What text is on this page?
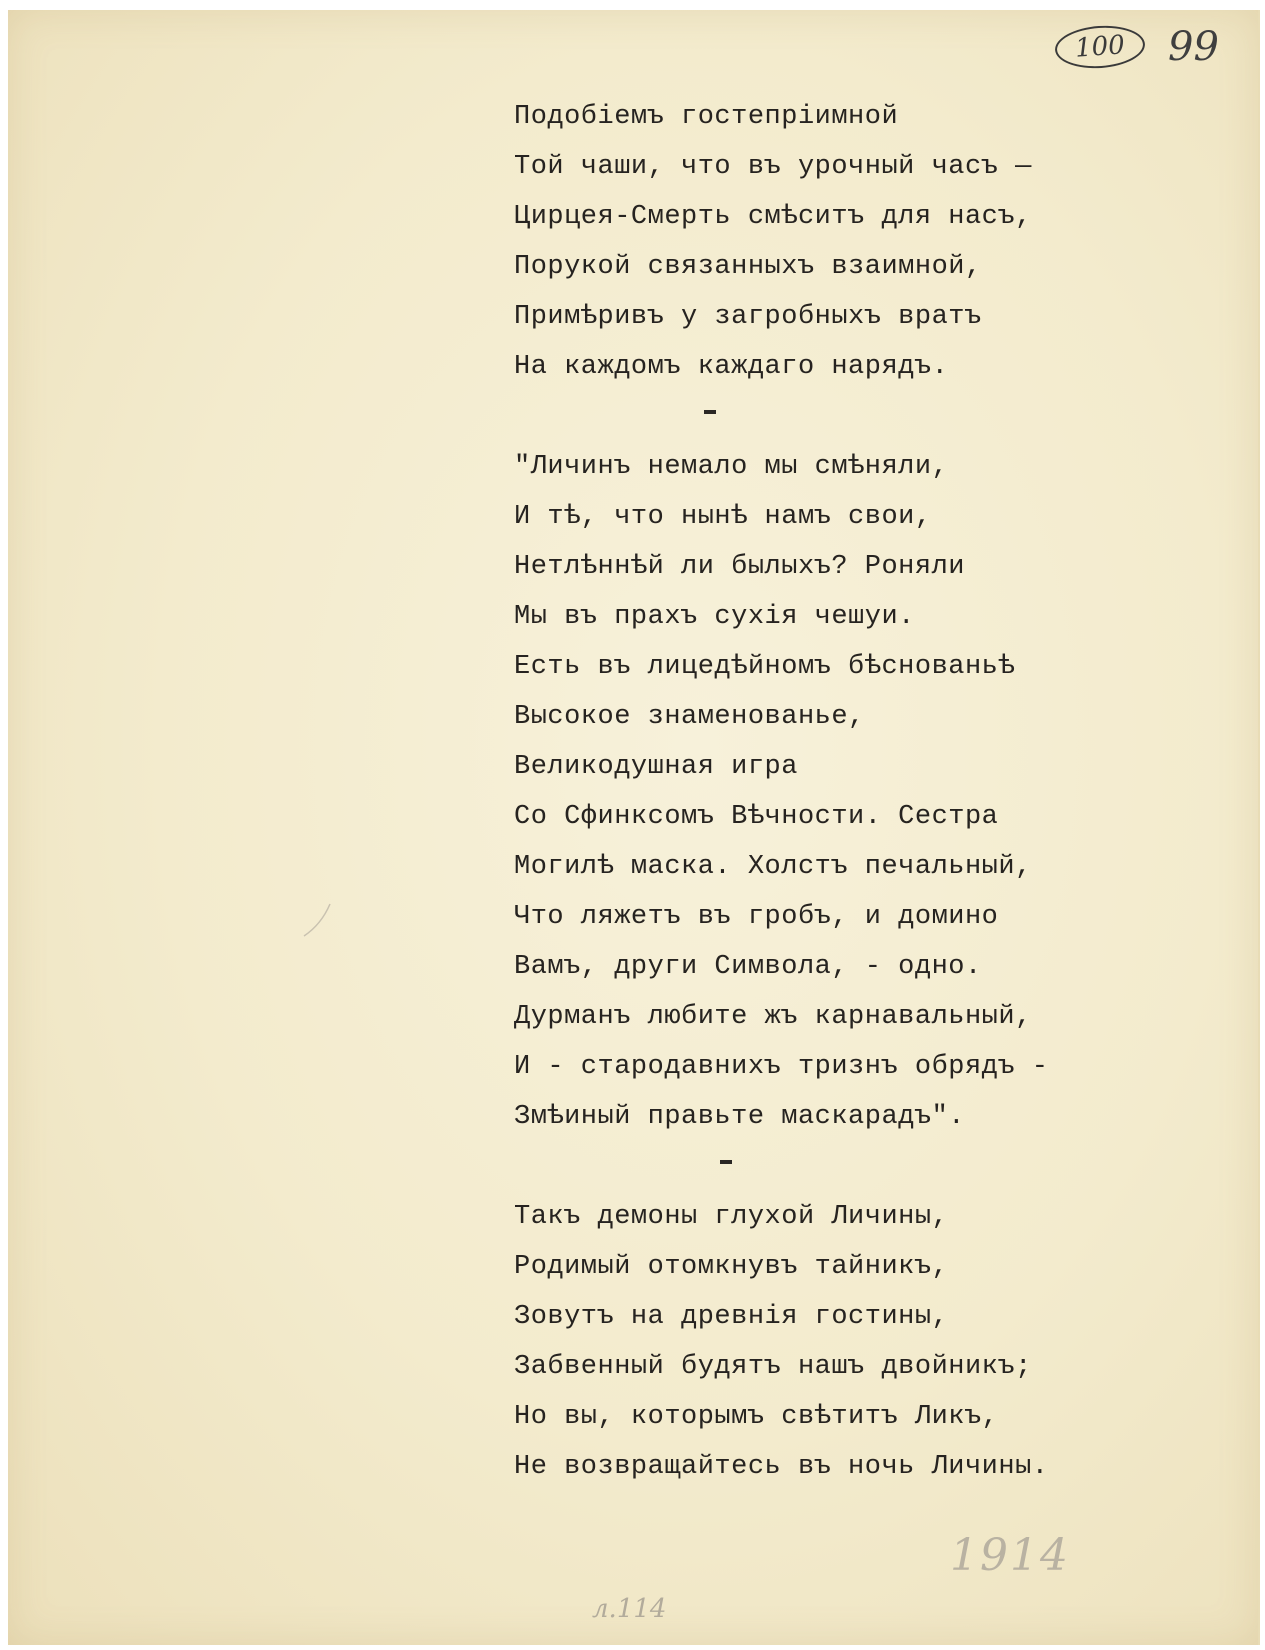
100 99
Подобіемъ гостепріимной
Той чаши, что въ урочный часъ —
Цирцея-Смерть смѣситъ для насъ,
Порукой связанныхъ взаимной,
Примѣривъ у загробныхъ вратъ
На каждомъ каждаго нарядъ.
"Личинъ немало мы смѣняли,
И тѣ, что нынѣ намъ свои,
Нетлѣннѣй ли былыхъ? Роняли
Мы въ прахъ сухія чешуи.
Есть въ лицедѣйномъ бѣснованьѣ
Высокое знаменованье,
Великодушная игра
Со Сфинксомъ Вѣчности. Сестра
Могилѣ маска. Холстъ печальный,
Что ляжетъ въ гробъ, и домино
Вамъ, други Символа, - одно.
Дурманъ любите жъ карнавальный,
И - стародавнихъ тризнъ обрядъ -
Змѣиный правьте маскарадъ".
Такъ демоны глухой Личины,
Родимый отомкнувъ тайникъ,
Зовутъ на древнія гостины,
Забвенный будятъ нашъ двойникъ;
Но вы, которымъ свѣтитъ Ликъ,
Не возвращайтесь въ ночь Личины.
1914
л.114
